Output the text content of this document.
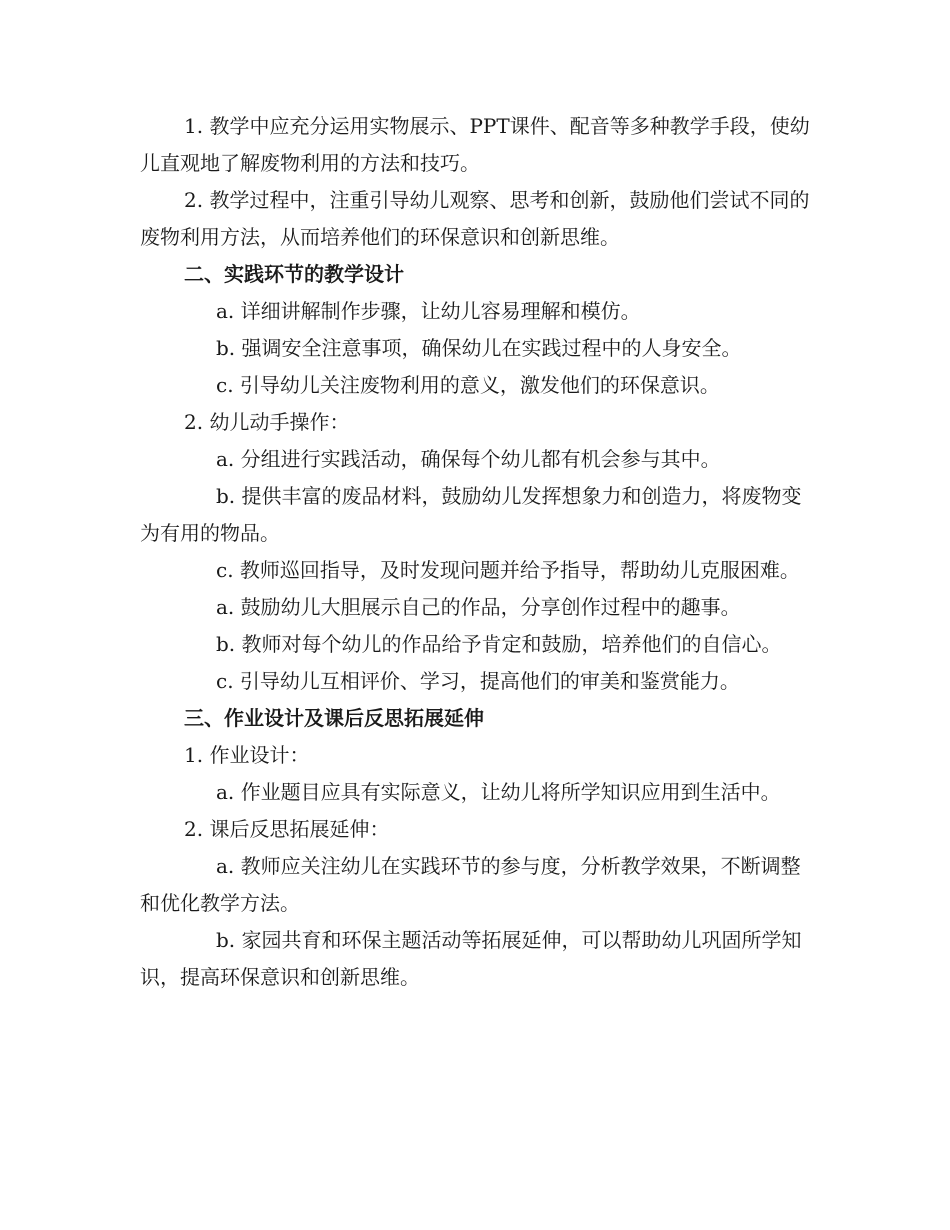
1. 教学中应充分运用实物展示、PPT课件、配音等多种教学手段，使幼儿直观地了解废物利用的方法和技巧。

2. 教学过程中，注重引导幼儿观察、思考和创新，鼓励他们尝试不同的废物利用方法，从而培养他们的环保意识和创新思维。

二、实践环节的教学设计

a. 详细讲解制作步骤，让幼儿容易理解和模仿。

b. 强调安全注意事项，确保幼儿在实践过程中的人身安全。

c. 引导幼儿关注废物利用的意义，激发他们的环保意识。

2. 幼儿动手操作：

a. 分组进行实践活动，确保每个幼儿都有机会参与其中。

b. 提供丰富的废品材料，鼓励幼儿发挥想象力和创造力，将废物变为有用的物品。

c. 教师巡回指导，及时发现问题并给予指导，帮助幼儿克服困难。

a. 鼓励幼儿大胆展示自己的作品，分享创作过程中的趣事。

b. 教师对每个幼儿的作品给予肯定和鼓励，培养他们的自信心。

c. 引导幼儿互相评价、学习，提高他们的审美和鉴赏能力。

三、作业设计及课后反思拓展延伸

1. 作业设计：

a. 作业题目应具有实际意义，让幼儿将所学知识应用到生活中。

2. 课后反思拓展延伸：

a. 教师应关注幼儿在实践环节的参与度，分析教学效果，不断调整和优化教学方法。

b. 家园共育和环保主题活动等拓展延伸，可以帮助幼儿巩固所学知识，提高环保意识和创新思维。
